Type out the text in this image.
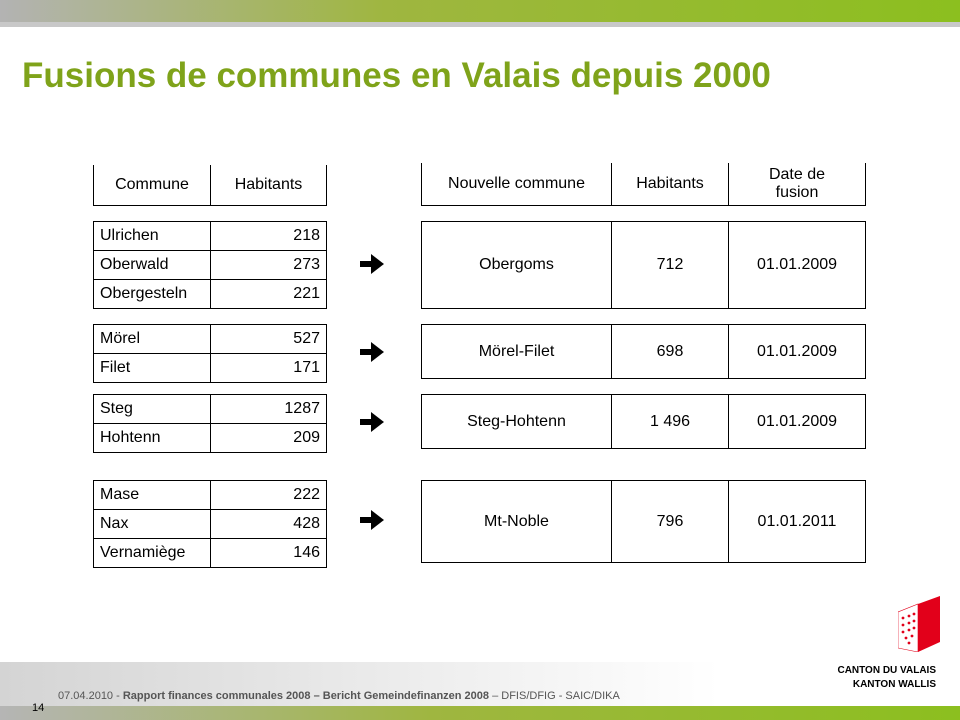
Fusions de communes en Valais depuis 2000
Commune	Habitants	Nouvelle commune	Habitants	Date de
fusion
Ulrichen	218
Oberwald	273
Obergesteln	221
Obergoms	712	01.01.2009
Mörel	527
Filet	171
Mörel-Filet	698	01.01.2009
Steg	1287
Hohtenn	209
Steg-Hohtenn	1 496	01.01.2009
Mase	222
Nax	428
Vernamiège	146
Mt-Noble	796	01.01.2011
14
07.04.2010 - Rapport finances communales 2008 – Bericht Gemeindefinanzen 2008 – DFIS/DFIG - SAIC/DIKA
CANTON DU VALAIS
KANTON WALLIS
